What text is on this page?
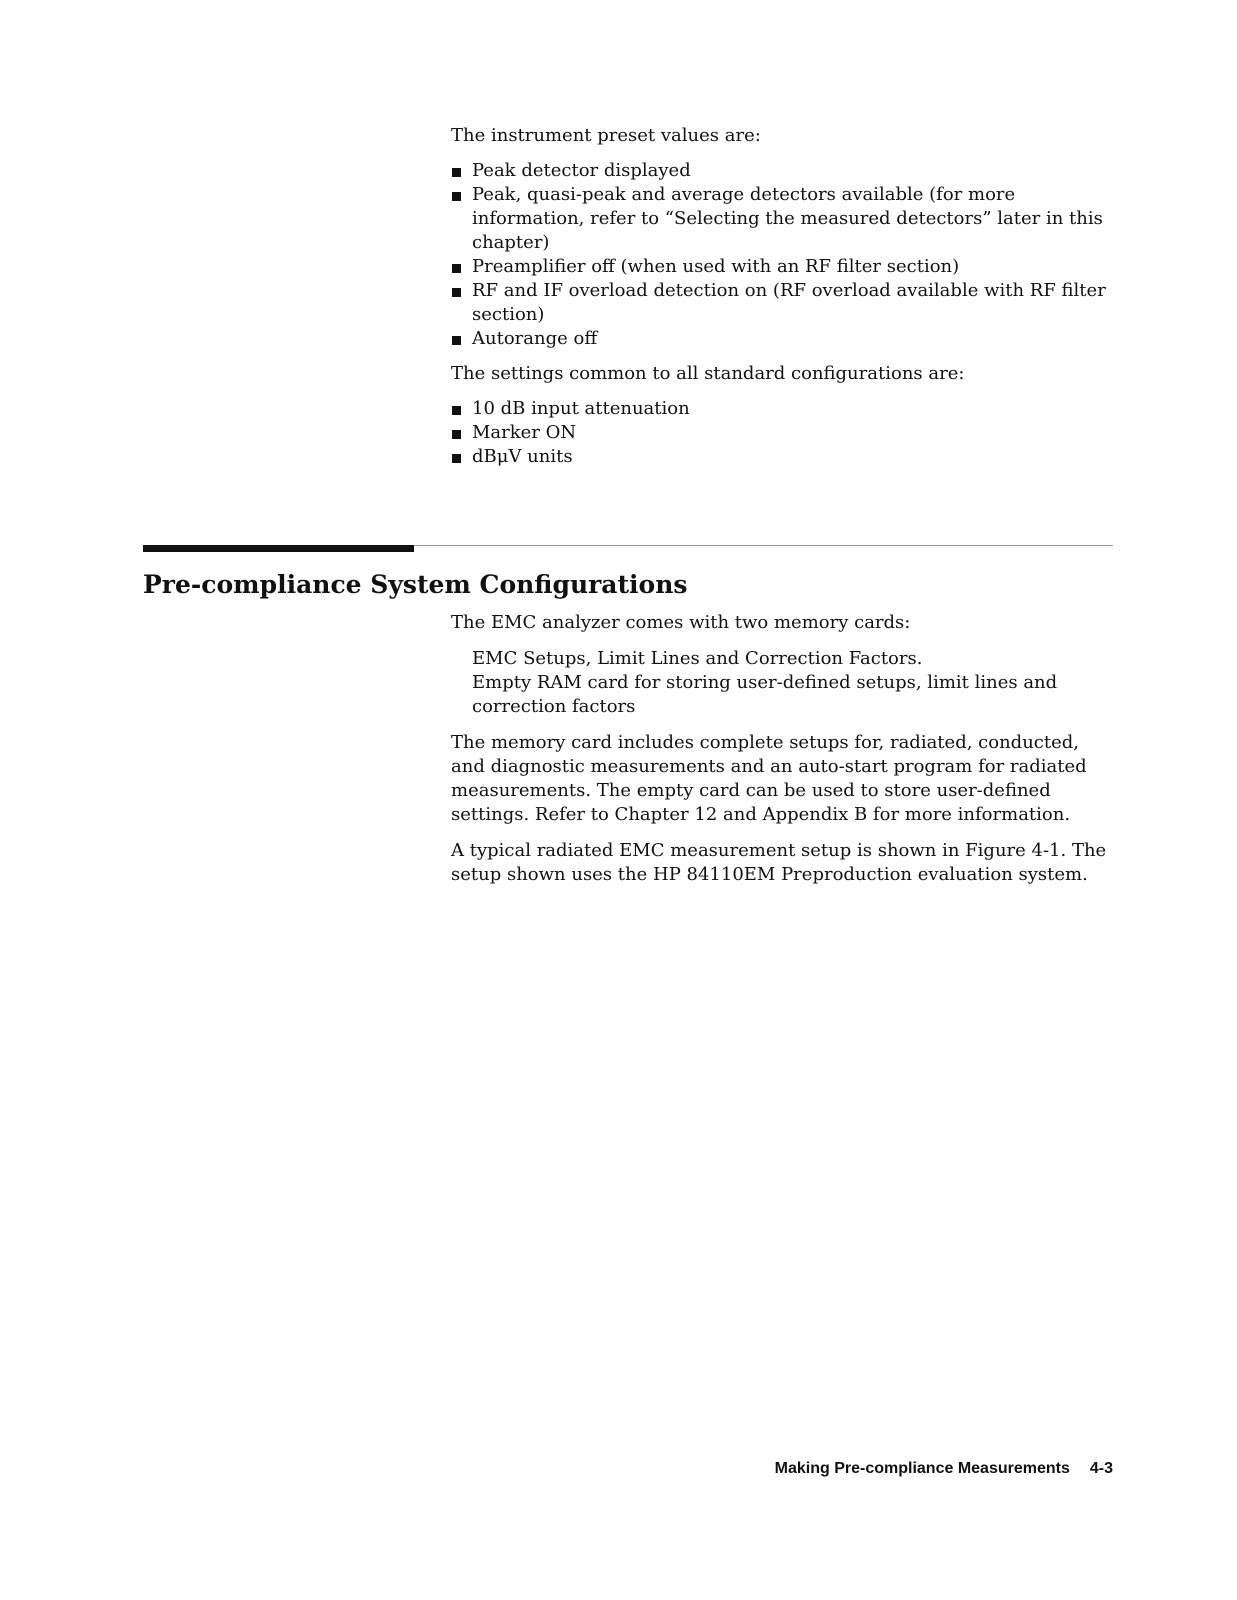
The instrument preset values are:

Peak detector displayed
Peak, quasi-peak and average detectors available (for more information, refer to “Selecting the measured detectors” later in this chapter)
Preamplifier off (when used with an RF filter section)
RF and IF overload detection on (RF overload available with RF filter section)
Autorange off

The settings common to all standard configurations are:

10 dB input attenuation
Marker ON
dBμV units
Pre-compliance System Configurations

The EMC analyzer comes with two memory cards:

EMC Setups, Limit Lines and Correction Factors.
Empty RAM card for storing user-defined setups, limit lines and correction factors

The memory card includes complete setups for, radiated, conducted, and diagnostic measurements and an auto-start program for radiated measurements. The empty card can be used to store user-defined settings. Refer to Chapter 12 and Appendix B for more information.

A typical radiated EMC measurement setup is shown in Figure 4-1. The setup shown uses the HP 84110EM Preproduction evaluation system.

Making Pre-compliance Measurements 4-3
